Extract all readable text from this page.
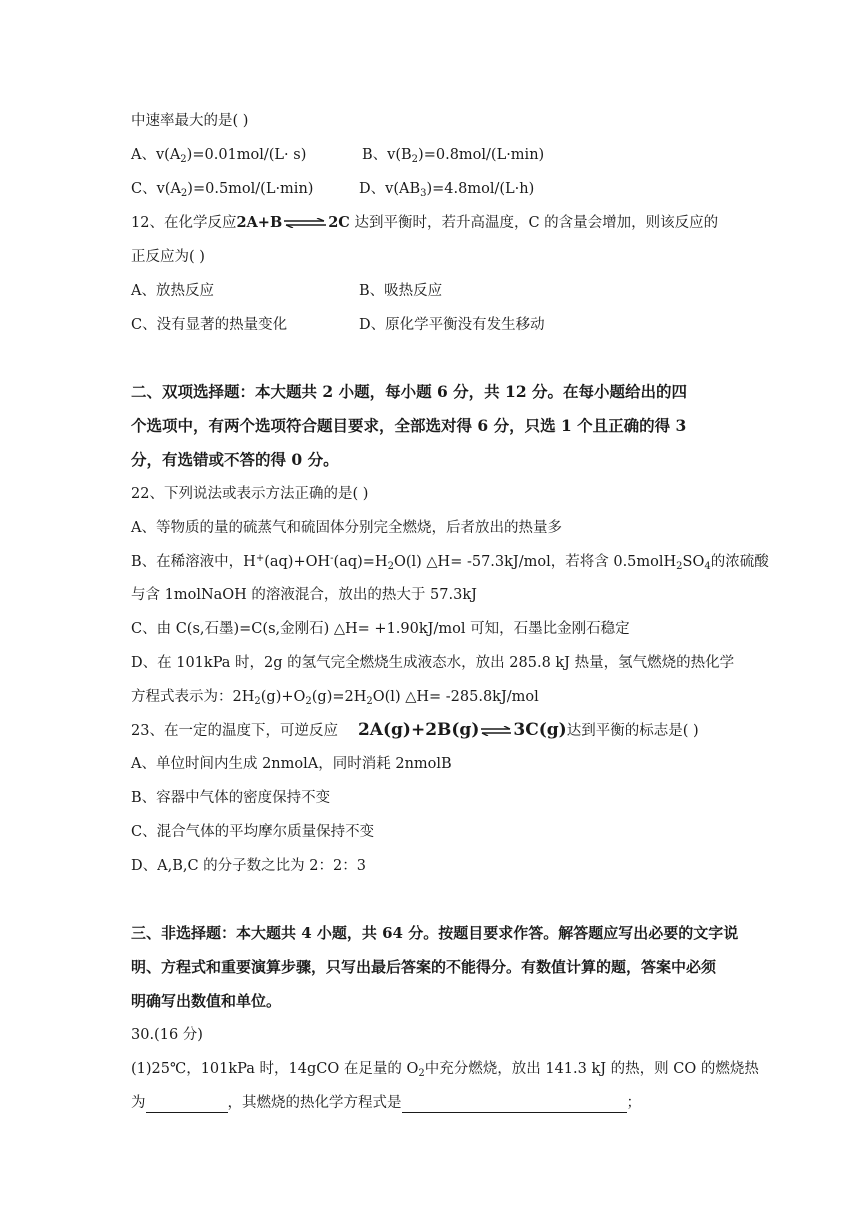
中速率最大的是( )
A、$v(A_2)=0.01mol/(L\cdot s)$	B、$v(B_2)=0.8mol/(L\cdot\min)$
C、$v(A_2)=0.5mol/(L\cdot\min)$	D、$v(AB_3)=4.8mol/(L\cdot h)$
12、在化学反应2A+B ⇌ 2C 达到平衡时，若升高温度，C 的含量会增加，则该反应的
正反应为( )
A、放热反应	B、吸热反应
C、没有显著的热量变化	D、原化学平衡没有发生移动
二、双项选择题：本大题共 2 小题，每小题 6 分，共 12 分。在每小题给出的四
个选项中，有两个选项符合题目要求，全部选对得 6 分，只选 1 个且正确的得 3
分，有选错或不答的得 0 分。
22、下列说法或表示方法正确的是( )
A、等物质的量的硫蒸气和硫固体分别完全燃烧，后者放出的热量多
B、在稀溶液中，$H^+(aq)+OH^-(aq)=H_2O(l)$ △H= -57.3kJ/mol，若将含 $0.5molH_2SO_4$的浓硫酸
与含 1molNaOH 的溶液混合，放出的热大于 57.3kJ
C、由 C(s,石墨)=C(s,金刚石) △H= +1.90kJ/mol 可知，石墨比金刚石稳定
D、在 101kPa 时，2g 的氢气完全燃烧生成液态水，放出 285.8 kJ 热量，氢气燃烧的热化学
方程式表示为：$2H_2(g)+O_2(g)=2H_2O(l)$ △H= -285.8kJ/mol
23、在一定的温度下，可逆反应 2A(g)+2B(g) ⇌ 3C(g)达到平衡的标志是( )
A、单位时间内生成 2nmolA，同时消耗 2nmolB
B、容器中气体的密度保持不变
C、混合气体的平均摩尔质量保持不变
D、A,B,C 的分子数之比为 2：2：3
三、非选择题：本大题共 4 小题，共 64 分。按题目要求作答。解答题应写出必要的文字说
明、方程式和重要演算步骤，只写出最后答案的不能得分。有数值计算的题，答案中必须
明确写出数值和单位。
30.(16 分)
(1)25℃，101kPa 时，14gCO 在足量的 $O_2$中充分燃烧，放出 141.3 kJ 的热，则 CO 的燃烧热
为	，其燃烧的热化学方程式是	；
